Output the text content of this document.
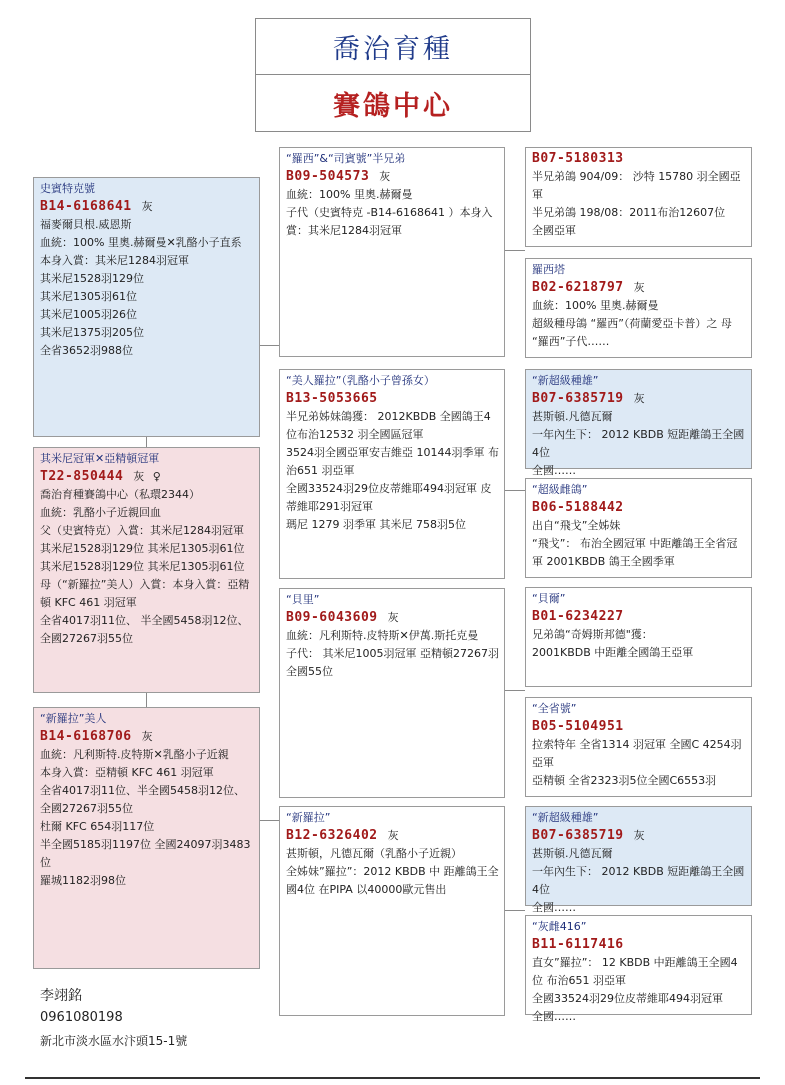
喬治育種
賽鴿中心
史賓特克號
B14-6168641 灰
福麥爾貝根.威恩斯
血統：100% 里奧.赫爾曼✕乳酪小子直系
本身入賞：其米尼1284羽冠軍
其米尼1528羽129位
其米尼1305羽61位
其米尼1005羽26位
其米尼1375羽205位
全省3652羽988位
其米尼冠軍✕亞精頓冠軍
T22-850444 灰 ♀
喬治育種賽鴿中心（私環2344）
血統：乳酪小子近親回血
父（史賓特克）入賞：其米尼1284羽冠軍 其米尼1528羽129位 其米尼1305羽61位
其米尼1528羽129位 其米尼1305羽61位
母（“新羅拉”美人）入賞：本身入賞：亞精頓 KFC 461 羽冠軍
全省4017羽11位、 半全國5458羽12位、全國27267羽55位
“新羅拉”美人
B14-6168706 灰
血統：凡利斯特.皮特斯✕乳酪小子近親
本身入賞：亞精頓 KFC 461 羽冠軍
全省4017羽11位、半全國5458羽12位、全國27267羽55位
杜爾 KFC 654羽117位
半全國5185羽1197位 全國24097羽3483位
羅城1182羽98位
“羅西”&“司賓號”半兄弟
B09-504573 灰
血統：100% 里奧.赫爾曼
子代（史賓特克 -B14-6168641 ）本身入賞：其米尼1284羽冠軍
“美人羅拉”（乳酪小子曾孫女）
B13-5053665
半兄弟姊妹鴿獲： 2012KBDB 全國鴿王4位布治12532 羽全國區冠軍
3524羽全國亞軍安吉維亞 10144羽季軍 布治651 羽亞軍
全國33524羽29位皮蒂維耶494羽冠軍 皮蒂維耶291羽冠軍
瑪尼 1279 羽季軍 其米尼 758羽5位
“貝里”
B09-6043609 灰
血統：凡利斯特.皮特斯✕伊萬.斯托克曼
子代： 其米尼1005羽冠軍 亞精頓27267羽全國55位
“新羅拉”
B12-6326402 灰
甚斯頓，凡德瓦爾（乳酪小子近親）
全姊妹”羅拉”：2012 KBDB 中 距離鴿王全國4位 在PIPA 以40000歐元售出
B07-5180313
半兄弟鴿 904/09： 沙特 15780 羽全國亞軍
半兄弟鴿 198/08：2011布治12607位
全國亞軍
羅西塔
B02-6218797 灰
血統：100% 里奧.赫爾曼
超級種母鴿 “羅西”（荷蘭愛亞卡普）之 母
“羅西”子代……
“新超級種雄”
B07-6385719 灰
甚斯頓.凡德瓦爾
一年內生下： 2012 KBDB 短距離鴿王全國4位
全國……
“超級雌鴿”
B06-5188442
出自“飛戈”全姊妹
“飛戈”： 布治全國冠軍 中距離鴿王全省冠軍 2001KBDB 鴿王全國季軍
“貝爾”
B01-6234227
兄弟鴿“奇姆斯邦德"獲：
2001KBDB 中距離全國鴿王亞軍
“全省號”
B05-5104951
拉索特年 全省1314 羽冠軍 全國C 4254羽亞軍
亞精頓 全省2323羽5位全國C6553羽
“新超級種雄”
B07-6385719 灰
甚斯頓.凡德瓦爾
一年內生下： 2012 KBDB 短距離鴿王全國4位
全國……
“灰雌416”
B11-6117416
直女”羅拉”： 12 KBDB 中距離鴿王全國4位 布治651 羽亞軍
全國33524羽29位皮蒂維耶494羽冠軍
全國……
李翊銘
0961080198
新北市淡水區水汴頭15-1號
